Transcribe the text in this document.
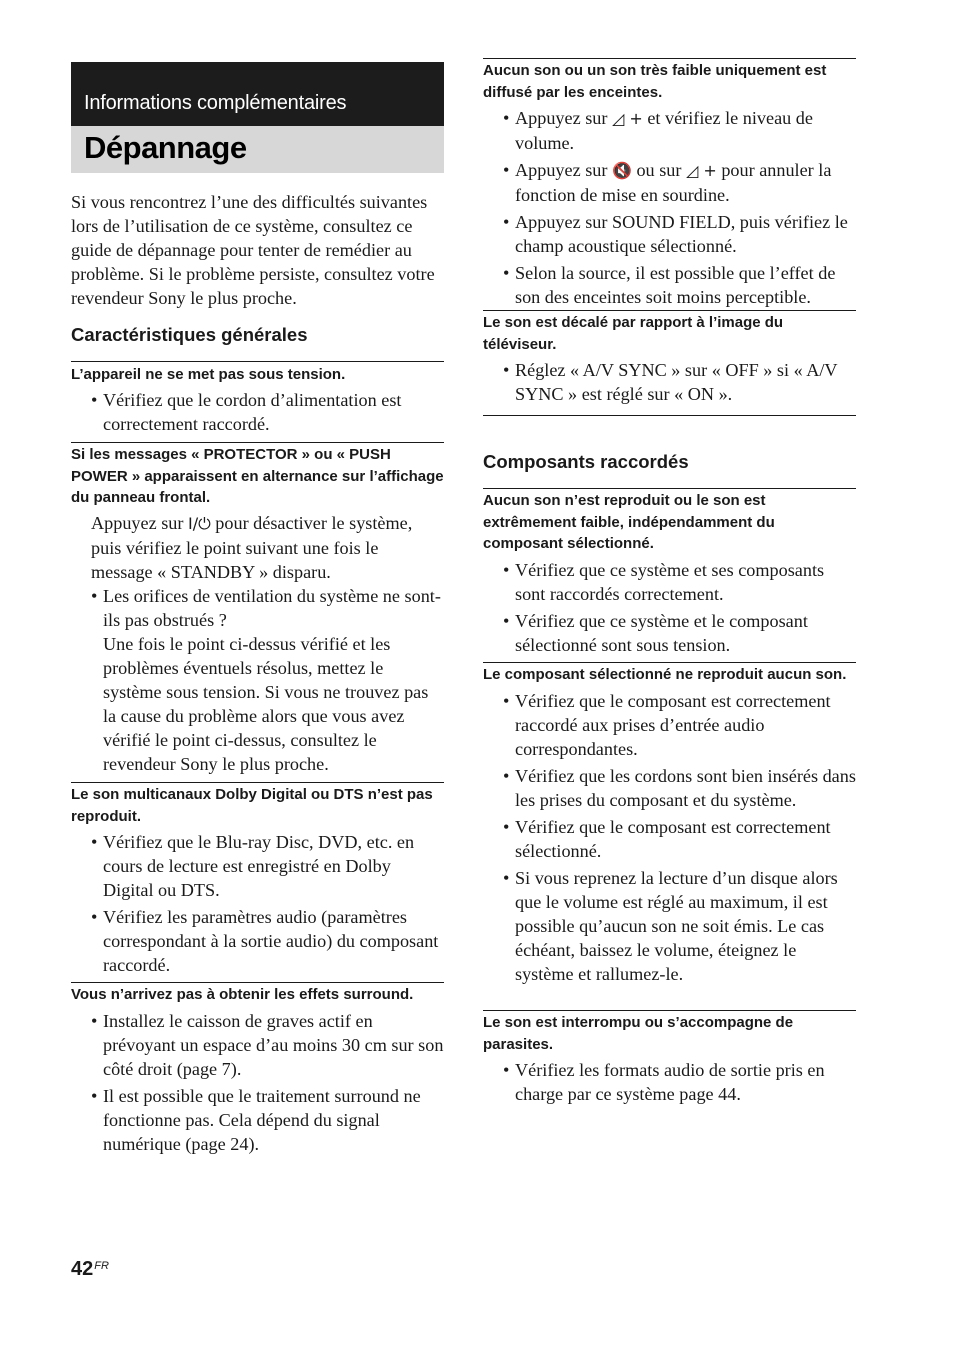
Informations complémentaires
Dépannage

Si vous rencontrez l’une des difficultés suivantes lors de l’utilisation de ce système, consultez ce guide de dépannage pour tenter de remédier au problème. Si le problème persiste, consultez votre revendeur Sony le plus proche.

Caractéristiques générales

L’appareil ne se met pas sous tension.

• Vérifiez que le cordon d’alimentation est correctement raccordé.

Si les messages « PROTECTOR » ou « PUSH POWER » apparaissent en alternance sur l’affichage du panneau frontal.

Appuyez sur I/⏻ pour désactiver le système, puis vérifiez le point suivant une fois le message « STANDBY » disparu.

• Les orifices de ventilation du système ne sont-ils pas obstrués ?
Une fois le point ci-dessus vérifié et les problèmes éventuels résolus, mettez le système sous tension. Si vous ne trouvez pas la cause du problème alors que vous avez vérifié le point ci-dessus, consultez le revendeur Sony le plus proche.

Le son multicanaux Dolby Digital ou DTS n’est pas reproduit.

• Vérifiez que le Blu-ray Disc, DVD, etc. en cours de lecture est enregistré en Dolby Digital ou DTS.
• Vérifiez les paramètres audio (paramètres correspondant à la sortie audio) du composant raccordé.

Vous n’arrivez pas à obtenir les effets surround.

• Installez le caisson de graves actif en prévoyant un espace d’au moins 30 cm sur son côté droit (page 7).
• Il est possible que le traitement surround ne fonctionne pas. Cela dépend du signal numérique (page 24).

Aucun son ou un son très faible uniquement est diffusé par les enceintes.

• Appuyez sur ◿ + et vérifiez le niveau de volume.
• Appuyez sur 🔇 ou sur ◿ + pour annuler la fonction de mise en sourdine.
• Appuyez sur SOUND FIELD, puis vérifiez le champ acoustique sélectionné.
• Selon la source, il est possible que l’effet de son des enceintes soit moins perceptible.

Le son est décalé par rapport à l’image du téléviseur.

• Réglez « A/V SYNC » sur « OFF » si « A/V SYNC » est réglé sur « ON ».
Composants raccordés

Aucun son n’est reproduit ou le son est extrêmement faible, indépendamment du composant sélectionné.

• Vérifiez que ce système et ses composants sont raccordés correctement.
• Vérifiez que ce système et le composant sélectionné sont sous tension.

Le composant sélectionné ne reproduit aucun son.

• Vérifiez que le composant est correctement raccordé aux prises d’entrée audio correspondantes.
• Vérifiez que les cordons sont bien insérés dans les prises du composant et du système.
• Vérifiez que le composant est correctement sélectionné.
• Si vous reprenez la lecture d’un disque alors que le volume est réglé au maximum, il est possible qu’aucun son ne soit émis. Le cas échéant, baissez le volume, éteignez le système et rallumez-le.

Le son est interrompu ou s’accompagne de parasites.

• Vérifiez les formats audio de sortie pris en charge par ce système page 44.
$42^{FR}$
